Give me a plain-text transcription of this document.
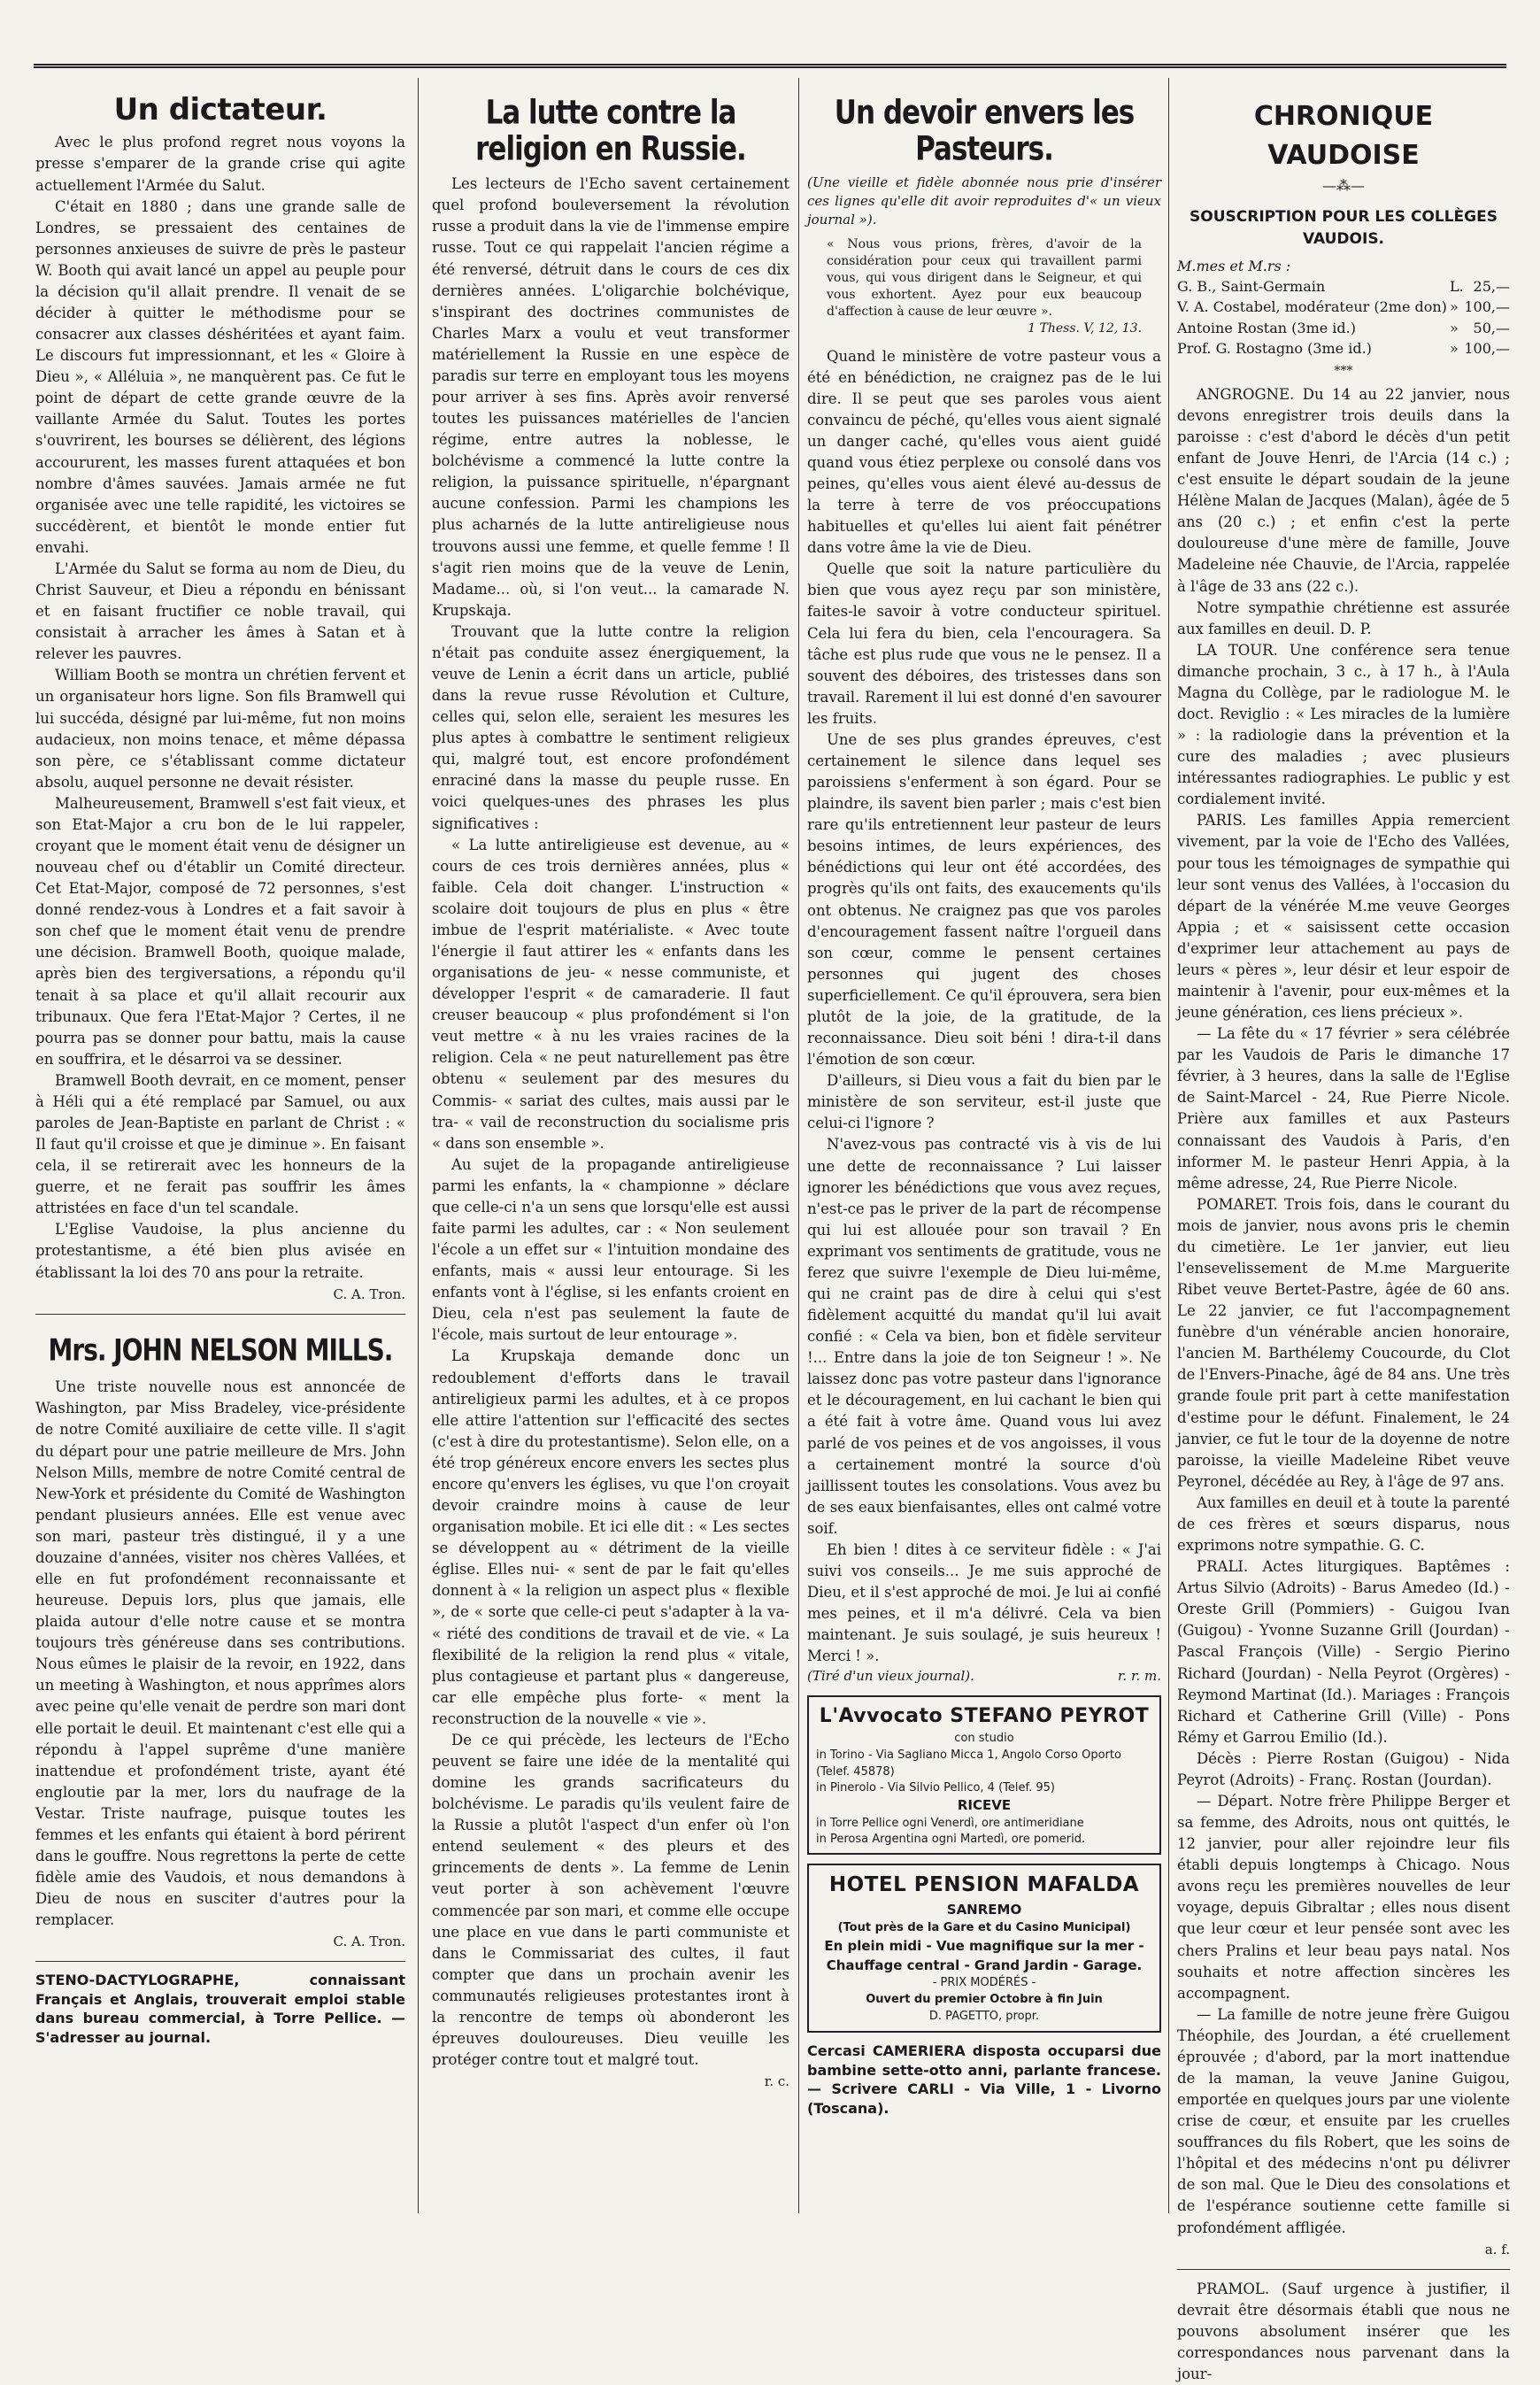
Un dictateur.

Avec le plus profond regret nous voyons la presse s'emparer de la grande crise qui agite actuellement l'Armée du Salut.

C'était en 1880 ; dans une grande salle de Londres, se pressaient des centaines de personnes anxieuses de suivre de près le pasteur W. Booth qui avait lancé un appel au peuple pour la décision qu'il allait prendre. Il venait de se décider à quitter le méthodisme pour se consacrer aux classes déshéritées et ayant faim. Le discours fut impressionnant, et les « Gloire à Dieu », « Alléluia », ne manquèrent pas. Ce fut le point de départ de cette grande œuvre de la vaillante Armée du Salut. Toutes les portes s'ouvrirent, les bourses se délièrent, des légions accoururent, les masses furent attaquées et bon nombre d'âmes sauvées. Jamais armée ne fut organisée avec une telle rapidité, les victoires se succédèrent, et bientôt le monde entier fut envahi.

L'Armée du Salut se forma au nom de Dieu, du Christ Sauveur, et Dieu a répondu en bénissant et en faisant fructifier ce noble travail, qui consistait à arracher les âmes à Satan et à relever les pauvres.

William Booth se montra un chrétien fervent et un organisateur hors ligne. Son fils Bramwell qui lui succéda, désigné par lui-même, fut non moins audacieux, non moins tenace, et même dépassa son père, ce s'établissant comme dictateur absolu, auquel personne ne devait résister.

Malheureusement, Bramwell s'est fait vieux, et son Etat-Major a cru bon de le lui rappeler, croyant que le moment était venu de désigner un nouveau chef ou d'établir un Comité directeur. Cet Etat-Major, composé de 72 personnes, s'est donné rendez-vous à Londres et a fait savoir à son chef que le moment était venu de prendre une décision. Bramwell Booth, quoique malade, après bien des tergiversations, a répondu qu'il tenait à sa place et qu'il allait recourir aux tribunaux. Que fera l'Etat-Major ? Certes, il ne pourra pas se donner pour battu, mais la cause en souffrira, et le désarroi va se dessiner.

Bramwell Booth devrait, en ce moment, penser à Héli qui a été remplacé par Samuel, ou aux paroles de Jean-Baptiste en parlant de Christ : « Il faut qu'il croisse et que je diminue ». En faisant cela, il se retirerait avec les honneurs de la guerre, et ne ferait pas souffrir les âmes attristées en face d'un tel scandale.

L'Eglise Vaudoise, la plus ancienne du protestantisme, a été bien plus avisée en établissant la loi des 70 ans pour la retraite.

C. A. Tron.
Mrs. JOHN NELSON MILLS.

Une triste nouvelle nous est annoncée de Washington, par Miss Bradeley, vice-présidente de notre Comité auxiliaire de cette ville. Il s'agit du départ pour une patrie meilleure de Mrs. John Nelson Mills, membre de notre Comité central de New-York et présidente du Comité de Washington pendant plusieurs années. Elle est venue avec son mari, pasteur très distingué, il y a une douzaine d'années, visiter nos chères Vallées, et elle en fut profondément reconnaissante et heureuse. Depuis lors, plus que jamais, elle plaida autour d'elle notre cause et se montra toujours très généreuse dans ses contributions. Nous eûmes le plaisir de la revoir, en 1922, dans un meeting à Washington, et nous apprîmes alors avec peine qu'elle venait de perdre son mari dont elle portait le deuil. Et maintenant c'est elle qui a répondu à l'appel suprême d'une manière inattendue et profondément triste, ayant été engloutie par la mer, lors du naufrage de la Vestar. Triste naufrage, puisque toutes les femmes et les enfants qui étaient à bord périrent dans le gouffre. Nous regrettons la perte de cette fidèle amie des Vaudois, et nous demandons à Dieu de nous en susciter d'autres pour la remplacer.

C. A. Tron.
STENO-DACTYLOGRAPHE, connaissant Français et Anglais, trouverait emploi stable dans bureau commercial, à Torre Pellice. — S'adresser au journal.
La lutte contre la religion en Russie.

Les lecteurs de l'Echo savent certainement quel profond bouleversement la révolution russe a produit dans la vie de l'immense empire russe. Tout ce qui rappelait l'ancien régime a été renversé, détruit dans le cours de ces dix dernières années. L'oligarchie bolchévique, s'inspirant des doctrines communistes de Charles Marx a voulu et veut transformer matériellement la Russie en une espèce de paradis sur terre en employant tous les moyens pour arriver à ses fins. Après avoir renversé toutes les puissances matérielles de l'ancien régime, entre autres la noblesse, le bolchévisme a commencé la lutte contre la religion, la puissance spirituelle, n'épargnant aucune confession. Parmi les champions les plus acharnés de la lutte antireligieuse nous trouvons aussi une femme, et quelle femme ! Il s'agit rien moins que de la veuve de Lenin, Madame... où, si l'on veut... la camarade N. Krupskaja.

Trouvant que la lutte contre la religion n'était pas conduite assez énergiquement, la veuve de Lenin a écrit dans un article, publié dans la revue russe Révolution et Culture, celles qui, selon elle, seraient les mesures les plus aptes à combattre le sentiment religieux qui, malgré tout, est encore profondément enraciné dans la masse du peuple russe. En voici quelques-unes des phrases les plus significatives :

« La lutte antireligieuse est devenue, au « cours de ces trois dernières années, plus « faible. Cela doit changer. L'instruction « scolaire doit toujours de plus en plus « être imbue de l'esprit matérialiste. « Avec toute l'énergie il faut attirer les « enfants dans les organisations de jeu- « nesse communiste, et développer l'esprit « de camaraderie. Il faut creuser beaucoup « plus profondément si l'on veut mettre « à nu les vraies racines de la religion. Cela « ne peut naturellement pas être obtenu « seulement par des mesures du Commis- « sariat des cultes, mais aussi par le tra- « vail de reconstruction du socialisme pris « dans son ensemble ».

Au sujet de la propagande antireligieuse parmi les enfants, la « championne » déclare que celle-ci n'a un sens que lorsqu'elle est aussi faite parmi les adultes, car : « Non seulement l'école a un effet sur « l'intuition mondaine des enfants, mais « aussi leur entourage. Si les enfants vont à l'église, si les enfants croient en Dieu, cela n'est pas seulement la faute de l'école, mais surtout de leur entourage ».

La Krupskaja demande donc un redoublement d'efforts dans le travail antireligieux parmi les adultes, et à ce propos elle attire l'attention sur l'efficacité des sectes (c'est à dire du protestantisme). Selon elle, on a été trop généreux encore envers les sectes plus encore qu'envers les églises, vu que l'on croyait devoir craindre moins à cause de leur organisation mobile. Et ici elle dit : « Les sectes se développent au « détriment de la vieille église. Elles nui- « sent de par le fait qu'elles donnent à « la religion un aspect plus « flexible », de « sorte que celle-ci peut s'adapter à la va- « riété des conditions de travail et de vie. « La flexibilité de la religion la rend plus « vitale, plus contagieuse et partant plus « dangereuse, car elle empêche plus forte- « ment la reconstruction de la nouvelle « vie ».

De ce qui précède, les lecteurs de l'Echo peuvent se faire une idée de la mentalité qui domine les grands sacrificateurs du bolchévisme. Le paradis qu'ils veulent faire de la Russie a plutôt l'aspect d'un enfer où l'on entend seulement « des pleurs et des grincements de dents ». La femme de Lenin veut porter à son achèvement l'œuvre commencée par son mari, et comme elle occupe une place en vue dans le parti communiste et dans le Commissariat des cultes, il faut compter que dans un prochain avenir les communautés religieuses protestantes iront à la rencontre de temps où abonderont les épreuves douloureuses. Dieu veuille les protéger contre tout et malgré tout.

r. c.
Un devoir envers les Pasteurs.
(Une vieille et fidèle abonnée nous prie d'insérer ces lignes qu'elle dit avoir reproduites d'« un vieux journal »).
« Nous vous prions, frères, d'avoir de la considération pour ceux qui travaillent parmi vous, qui vous dirigent dans le Seigneur, et qui vous exhortent. Ayez pour eux beaucoup d'affection à cause de leur œuvre ».
1 Thess. V, 12, 13.

Quand le ministère de votre pasteur vous a été en bénédiction, ne craignez pas de le lui dire. Il se peut que ses paroles vous aient convaincu de péché, qu'elles vous aient signalé un danger caché, qu'elles vous aient guidé quand vous étiez perplexe ou consolé dans vos peines, qu'elles vous aient élevé au-dessus de la terre à terre de vos préoccupations habituelles et qu'elles lui aient fait pénétrer dans votre âme la vie de Dieu.

Quelle que soit la nature particulière du bien que vous ayez reçu par son ministère, faites-le savoir à votre conducteur spirituel. Cela lui fera du bien, cela l'encouragera. Sa tâche est plus rude que vous ne le pensez. Il a souvent des déboires, des tristesses dans son travail. Rarement il lui est donné d'en savourer les fruits.

Une de ses plus grandes épreuves, c'est certainement le silence dans lequel ses paroissiens s'enferment à son égard. Pour se plaindre, ils savent bien parler ; mais c'est bien rare qu'ils entretiennent leur pasteur de leurs besoins intimes, de leurs expériences, des bénédictions qui leur ont été accordées, des progrès qu'ils ont faits, des exaucements qu'ils ont obtenus. Ne craignez pas que vos paroles d'encouragement fassent naître l'orgueil dans son cœur, comme le pensent certaines personnes qui jugent des choses superficiellement. Ce qu'il éprouvera, sera bien plutôt de la joie, de la gratitude, de la reconnaissance. Dieu soit béni ! dira-t-il dans l'émotion de son cœur.

D'ailleurs, si Dieu vous a fait du bien par le ministère de son serviteur, est-il juste que celui-ci l'ignore ?

N'avez-vous pas contracté vis à vis de lui une dette de reconnaissance ? Lui laisser ignorer les bénédictions que vous avez reçues, n'est-ce pas le priver de la part de récompense qui lui est allouée pour son travail ? En exprimant vos sentiments de gratitude, vous ne ferez que suivre l'exemple de Dieu lui-même, qui ne craint pas de dire à celui qui s'est fidèlement acquitté du mandat qu'il lui avait confié : « Cela va bien, bon et fidèle serviteur !... Entre dans la joie de ton Seigneur ! ». Ne laissez donc pas votre pasteur dans l'ignorance et le découragement, en lui cachant le bien qui a été fait à votre âme. Quand vous lui avez parlé de vos peines et de vos angoisses, il vous a certainement montré la source d'où jaillissent toutes les consolations. Vous avez bu de ses eaux bienfaisantes, elles ont calmé votre soif.

Eh bien ! dites à ce serviteur fidèle : « J'ai suivi vos conseils... Je me suis approché de Dieu, et il s'est approché de moi. Je lui ai confié mes peines, et il m'a délivré. Cela va bien maintenant. Je suis soulagé, je suis heureux ! Merci ! ».

(Tiré d'un vieux journal).	r. r. m.
L'Avvocato STEFANO PEYROT
con studio
in Torino - Via Sagliano Micca 1, Angolo Corso Oporto (Telef. 45878)
in Pinerolo - Via Silvio Pellico, 4 (Telef. 95)
RICEVE
in Torre Pellice ogni Venerdì, ore antimeridiane
in Perosa Argentina ogni Martedì, ore pomerid.
HOTEL PENSION MAFALDA
SANREMO
(Tout près de la Gare et du Casino Municipal)
En plein midi - Vue magnifique sur la mer - Chauffage central - Grand Jardin - Garage.
- PRIX MODÉRÉS -
Ouvert du premier Octobre à fin Juin
D. PAGETTO, propr.
Cercasi CAMERIERA disposta occuparsi due bambine sette-otto anni, parlante francese. — Scrivere CARLI - Via Ville, 1 - Livorno (Toscana).
CHRONIQUE VAUDOISE
—⁂—
SOUSCRIPTION POUR LES COLLÈGES VAUDOIS.
M.mes et M.rs :
G. B., Saint-Germain	L.	25,—
V. A. Costabel, modérateur (2me don)	»	100,—
Antoine Rostan (3me id.)	»	50,—
Prof. G. Rostagno (3me id.)	»	100,—
***

ANGROGNE. Du 14 au 22 janvier, nous devons enregistrer trois deuils dans la paroisse : c'est d'abord le décès d'un petit enfant de Jouve Henri, de l'Arcia (14 c.) ; c'est ensuite le départ soudain de la jeune Hélène Malan de Jacques (Malan), âgée de 5 ans (20 c.) ; et enfin c'est la perte douloureuse d'une mère de famille, Jouve Madeleine née Chauvie, de l'Arcia, rappelée à l'âge de 33 ans (22 c.).

Notre sympathie chrétienne est assurée aux familles en deuil. D. P.

LA TOUR. Une conférence sera tenue dimanche prochain, 3 c., à 17 h., à l'Aula Magna du Collège, par le radiologue M. le doct. Reviglio : « Les miracles de la lumière » : la radiologie dans la prévention et la cure des maladies ; avec plusieurs intéressantes radiographies. Le public y est cordialement invité.

PARIS. Les familles Appia remercient vivement, par la voie de l'Echo des Vallées, pour tous les témoignages de sympathie qui leur sont venus des Vallées, à l'occasion du départ de la vénérée M.me veuve Georges Appia ; et « saisissent cette occasion d'exprimer leur attachement au pays de leurs « pères », leur désir et leur espoir de maintenir à l'avenir, pour eux-mêmes et la jeune génération, ces liens précieux ».

— La fête du « 17 février » sera célébrée par les Vaudois de Paris le dimanche 17 février, à 3 heures, dans la salle de l'Eglise de Saint-Marcel - 24, Rue Pierre Nicole. Prière aux familles et aux Pasteurs connaissant des Vaudois à Paris, d'en informer M. le pasteur Henri Appia, à la même adresse, 24, Rue Pierre Nicole.

POMARET. Trois fois, dans le courant du mois de janvier, nous avons pris le chemin du cimetière. Le 1er janvier, eut lieu l'ensevelissement de M.me Marguerite Ribet veuve Bertet-Pastre, âgée de 60 ans. Le 22 janvier, ce fut l'accompagnement funèbre d'un vénérable ancien honoraire, l'ancien M. Barthélemy Coucourde, du Clot de l'Envers-Pinache, âgé de 84 ans. Une très grande foule prit part à cette manifestation d'estime pour le défunt. Finalement, le 24 janvier, ce fut le tour de la doyenne de notre paroisse, la vieille Madeleine Ribet veuve Peyronel, décédée au Rey, à l'âge de 97 ans.

Aux familles en deuil et à toute la parenté de ces frères et sœurs disparus, nous exprimons notre sympathie. G. C.

PRALI. Actes liturgiques. Baptêmes : Artus Silvio (Adroits) - Barus Amedeo (Id.) - Oreste Grill (Pommiers) - Guigou Ivan (Guigou) - Yvonne Suzanne Grill (Jourdan) - Pascal François (Ville) - Sergio Pierino Richard (Jourdan) - Nella Peyrot (Orgères) - Reymond Martinat (Id.). Mariages : François Richard et Catherine Grill (Ville) - Pons Rémy et Garrou Emilio (Id.).

Décès : Pierre Rostan (Guigou) - Nida Peyrot (Adroits) - Franç. Rostan (Jourdan).

— Départ. Notre frère Philippe Berger et sa femme, des Adroits, nous ont quittés, le 12 janvier, pour aller rejoindre leur fils établi depuis longtemps à Chicago. Nous avons reçu les premières nouvelles de leur voyage, depuis Gibraltar ; elles nous disent que leur cœur et leur pensée sont avec les chers Pralins et leur beau pays natal. Nos souhaits et notre affection sincères les accompagnent.

— La famille de notre jeune frère Guigou Théophile, des Jourdan, a été cruellement éprouvée ; d'abord, par la mort inattendue de la maman, la veuve Janine Guigou, emportée en quelques jours par une violente crise de cœur, et ensuite par les cruelles souffrances du fils Robert, que les soins de l'hôpital et des médecins n'ont pu délivrer de son mal. Que le Dieu des consolations et de l'espérance soutienne cette famille si profondément affligée.

a. f.

PRAMOL. (Sauf urgence à justifier, il devrait être désormais établi que nous ne pouvons absolument insérer que les correspondances nous parvenant dans la jour-
